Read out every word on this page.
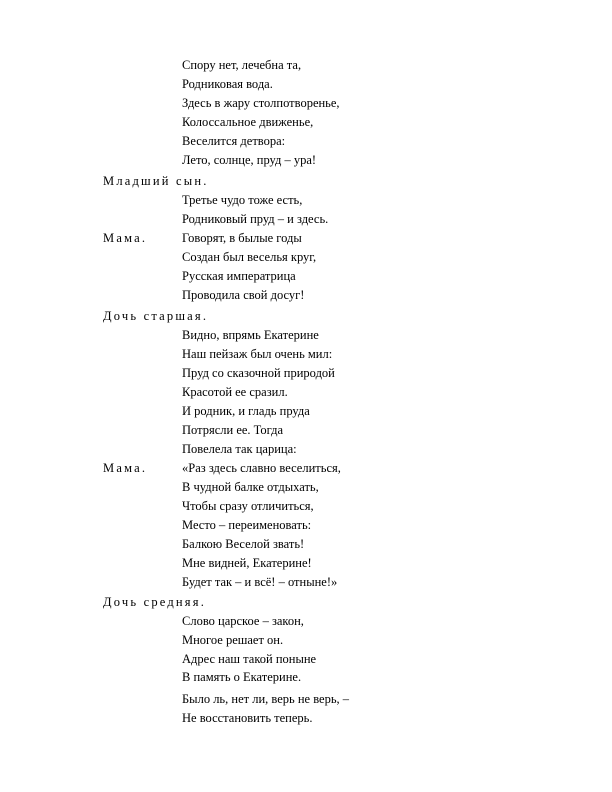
Спору нет, лечебна та,
Родниковая вода.
Здесь в жару столпотворенье,
Колоссальное движенье,
Веселится детвора:
Лето, солнце, пруд – ура!
Младший сын.
Третье чудо тоже есть,
Родниковый пруд – и здесь.
Мама.	Говорят, в былые годы
Создан был веселья круг,
Русская императрица
Проводила свой досуг!
Дочь старшая.
Видно, впрямь Екатерине
Наш пейзаж был очень мил:
Пруд со сказочной природой
Красотой ее сразил.
И родник, и гладь пруда
Потрясли ее. Тогда
Повелела так царица:
Мама.	«Раз здесь славно веселиться,
В чудной балке отдыхать,
Чтобы сразу отличиться,
Место – переименовать:
Балкою Веселой звать!
Мне видней, Екатерине!
Будет так – и всё! – отныне!»
Дочь средняя.
Слово царское – закон,
Многое решает он.
Адрес наш такой поныне
В память о Екатерине.
Было ль, нет ли, верь не верь, –
Не восстановить теперь.
